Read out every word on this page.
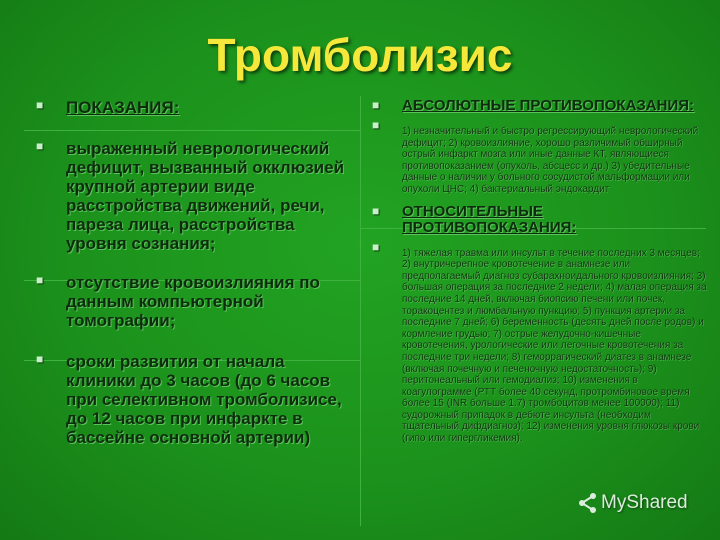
Тромболизис
■ ПОКАЗАНИЯ:
■ выраженный неврологический дефицит, вызванный окклюзией крупной артерии виде расстройства движений, речи, пареза лица, расстройства уровня сознания;
■ отсутствие кровоизлияния по данным компьютерной томографии;
■ сроки развития от начала клиники до 3 часов (до 6 часов при селективном тромболизисе, до 12 часов при инфаркте в бассейне основной артерии)
■ АБСОЛЮТНЫЕ ПРОТИВОПОКАЗАНИЯ:
■ 1) незначительный и быстро регрессирующий неврологический дефицит; 2) кровоизлияние, хорошо различимый обширный острый инфаркт мозга или иные данные КТ, являющиеся противопоказанием (опухоль, абсцесс и др.) 3) убедительные данные о наличии у больного сосудистой мальформации или опухоли ЦНС; 4) бактериальный эндокардит
■ ОТНОСИТЕЛЬНЫЕ ПРОТИВОПОКАЗАНИЯ:
■ 1) тяжелая травма или инсульт в течение последних 3 месяцев; 2) внутричерепное кровотечение в анамнезе или предполагаемый диагноз субарахноидального кровоизлияния; 3) большая операция за последние 2 недели; 4) малая операция за последние 14 дней, включая биопсию печени или почек, торакоцентез и люмбальную пункцию; 5) пункция артерии за последние 7 дней; 6) беременность (десять дней после родов) и кормление грудью; 7) острые желудочно-кишечные кровотечения, урологические или легочные кровотечения за последние три недели; 8) геморрагический диатез в анамнезе (включая почечную и печеночную недостаточность); 9) перитонеальный или гемодиализ; 10) изменения в коагулограмме (РТТ более 40 секунд, протромбиновое время более 15 (INR больше 1.7) тромбоцитов менее 100000); 11) судорожный припадок в дебюте инсульта (необходим тщательный дифдиагноз); 12) изменения уровня глюкозы крови (гипо или гипергликемия).
MyShared
